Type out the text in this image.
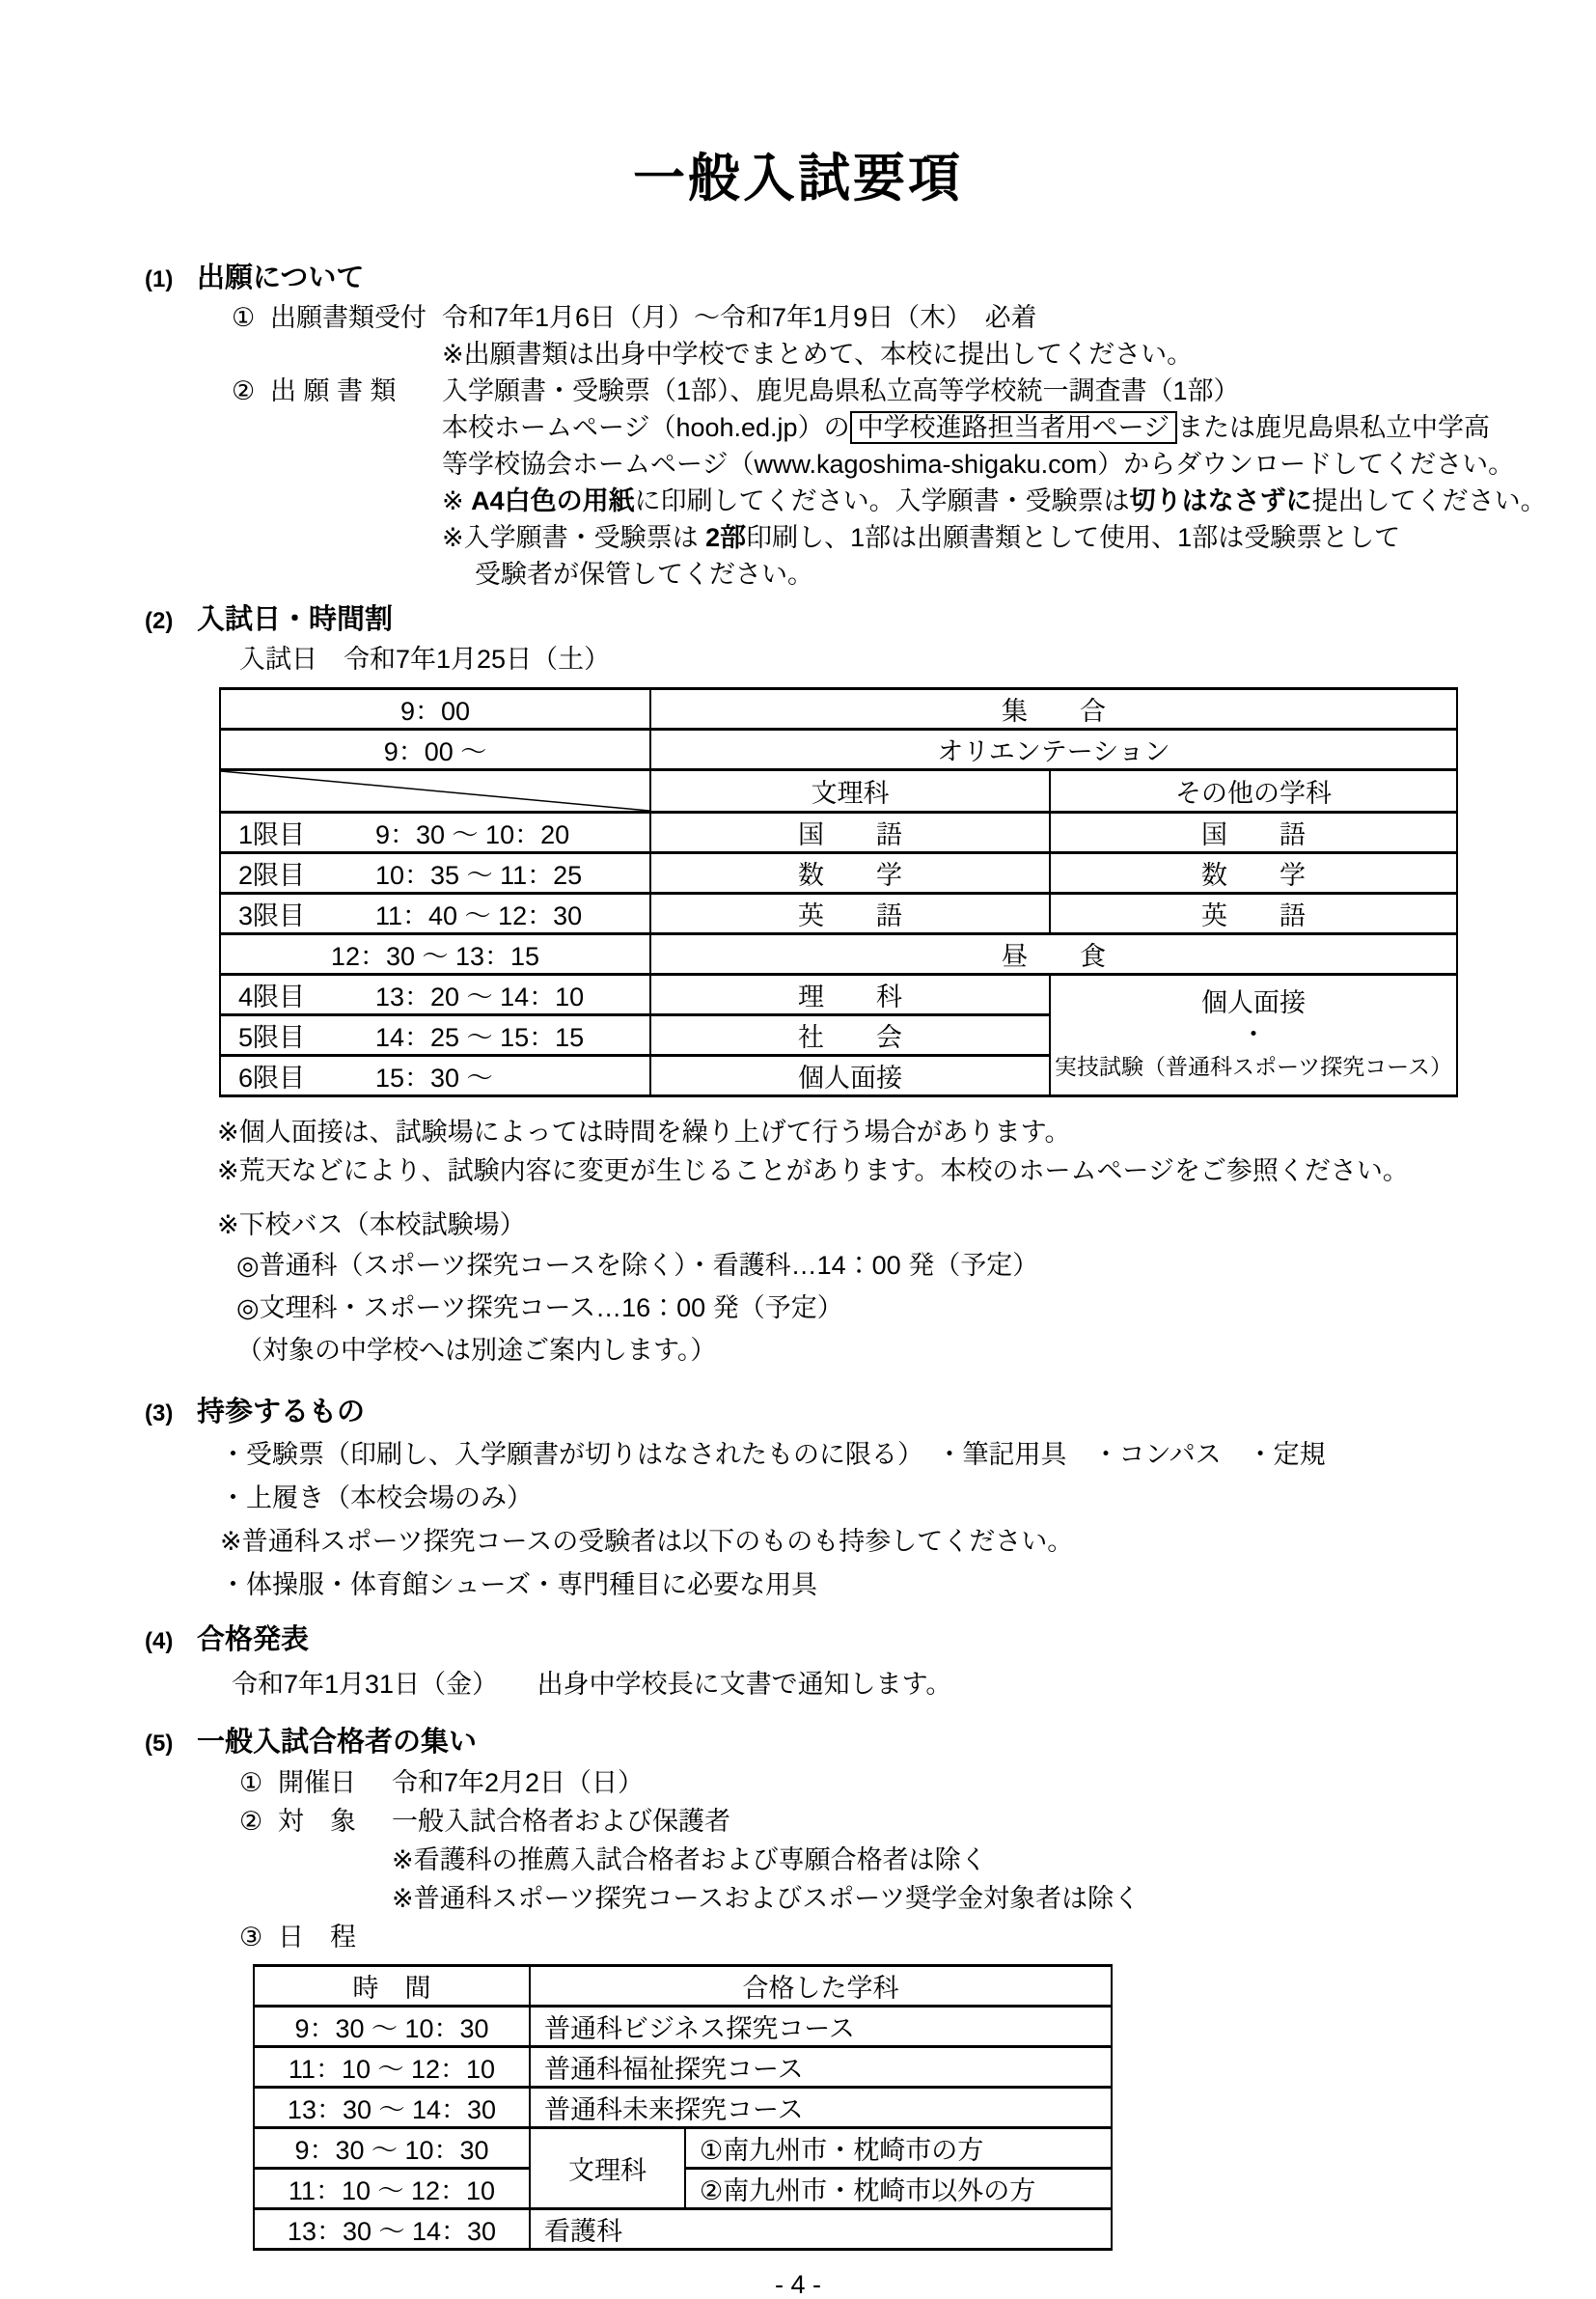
一般入試要項
(1) 出願について
① 出願書類受付 令和7年1月6日（月）～令和7年1月9日（木）　必着
※出願書類は出身中学校でまとめて、本校に提出してください。
② 出 願 書 類	入学願書・受験票（1部）、鹿児島県私立高等学校統一調査書（1部）
本校ホームページ（hooh.ed.jp）の 中学校進路担当者用ページ または鹿児島県私立中学高
等学校協会ホームページ（www.kagoshima-shigaku.com）からダウンロードしてください。
※ A4白色の用紙に印刷してください。入学願書・受験票は切りはなさずに提出してください。
※入学願書・受験票は 2部印刷し、1部は出願書類として使用、1部は受験票として
受験者が保管してください。
(2) 入試日・時間割
入試日　令和7年1月25日（土）
9：00	集　　合	
9：00 ～	オリエンテーション	

	文理科	その他の学科
1限目 9：30 ～ 10：20	国　　語	国　　語
2限目 10：35 ～ 11：25	数　　学	数　　学
3限目 11：40 ～ 12：30	英　　語	英　　語
12：30 ～ 13：15	昼　　食	
4限目 13：20 ～ 14：10	理　　科	個人面接
・
実技試験（普通科スポーツ探究コース）

5限目 14：25 ～ 15：15	社　　会	
6限目 15：30 ～	個人面接	
※個人面接は、試験場によっては時間を繰り上げて行う場合があります。
※荒天などにより、試験内容に変更が生じることがあります。本校のホームページをご参照ください。
※下校バス（本校試験場）
◎普通科（スポーツ探究コースを除く）・看護科…14：00 発（予定）
◎文理科・スポーツ探究コース…16：00 発（予定）
（対象の中学校へは別途ご案内します。）
(3) 持参するもの
・受験票（印刷し、入学願書が切りはなされたものに限る）　・筆記用具　・コンパス　・定規
・上履き（本校会場のみ）
※普通科スポーツ探究コースの受験者は以下のものも持参してください。
・体操服・体育館シューズ・専門種目に必要な用具
(4) 合格発表
令和7年1月31日（金）　　出身中学校長に文書で通知します。
(5) 一般入試合格者の集い
① 開催日	令和7年2月2日（日）
② 対　象	一般入試合格者および保護者
※看護科の推薦入試合格者および専願合格者は除く
※普通科スポーツ探究コースおよびスポーツ奨学金対象者は除く
③ 日　程
時　間	合格した学科	
9：30 ～ 10：30	普通科ビジネス探究コース	
11：10 ～ 12：10	普通科福祉探究コース	
13：30 ～ 14：30	普通科未来探究コース	
9：30 ～ 10：30	文理科	①南九州市・枕崎市の方
11：10 ～ 12：10		②南九州市・枕崎市以外の方
13：30 ～ 14：30	看護科	
- 4 -
